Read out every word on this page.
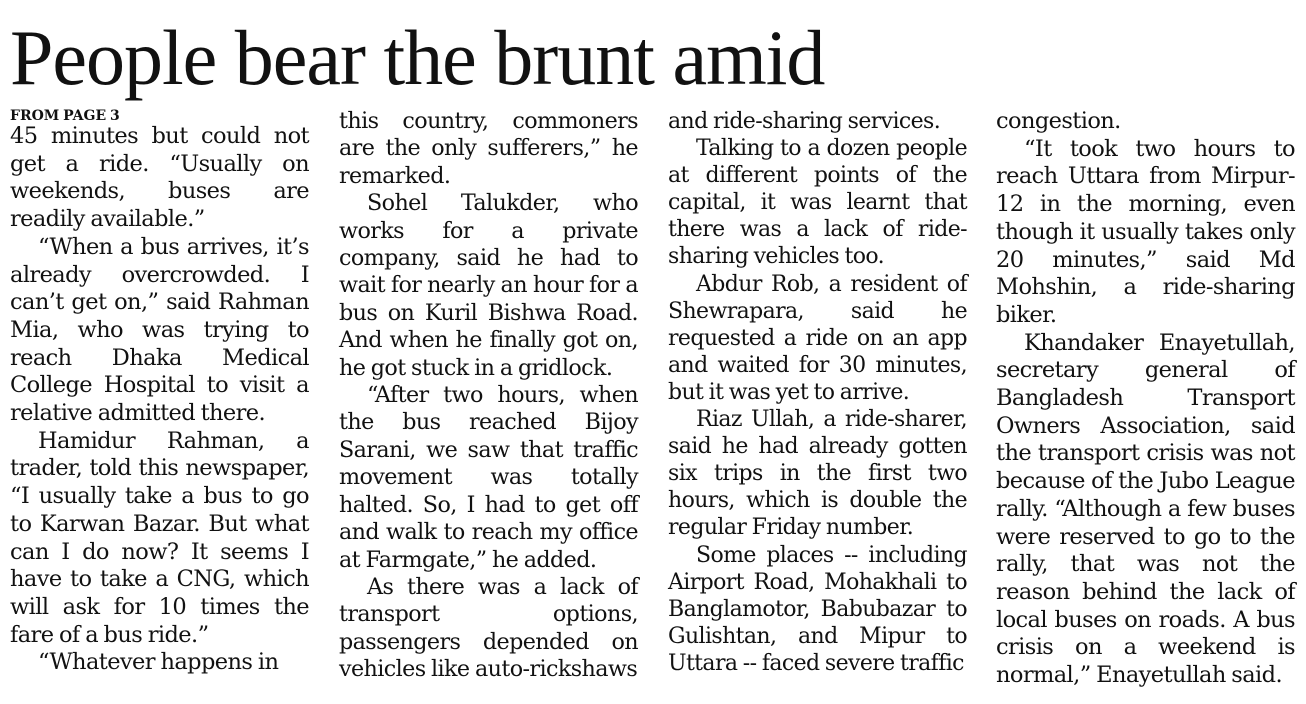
People bear the brunt amid
FROM PAGE 3

45 minutes but could not get a ride. “Usually on weekends, buses are readily available.”

“When a bus arrives, it’s already overcrowded. I can’t get on,” said Rahman Mia, who was trying to reach Dhaka Medical College Hospital to visit a relative admitted there.

Hamidur Rahman, a trader, told this newspaper, “I usually take a bus to go to Karwan Bazar. But what can I do now? It seems I have to take a CNG, which will ask for 10 times the fare of a bus ride.”

“Whatever happens in

this country, commoners are the only sufferers,” he remarked.

Sohel Talukder, who works for a private company, said he had to wait for nearly an hour for a bus on Kuril Bishwa Road. And when he finally got on, he got stuck in a gridlock.

“After two hours, when the bus reached Bijoy Sarani, we saw that traffic movement was totally halted. So, I had to get off and walk to reach my office at Farmgate,” he added.

As there was a lack of transport options, passengers depended on vehicles like auto-rickshaws

and ride-sharing services.

Talking to a dozen people at different points of the capital, it was learnt that there was a lack of ride-sharing vehicles too.

Abdur Rob, a resident of Shewrapara, said he requested a ride on an app and waited for 30 minutes, but it was yet to arrive.

Riaz Ullah, a ride-sharer, said he had already gotten six trips in the first two hours, which is double the regular Friday number.

Some places -- including Airport Road, Mohakhali to Banglamotor, Babubazar to Gulishtan, and Mipur to Uttara -- faced severe traffic

congestion.

“It took two hours to reach Uttara from Mirpur-12 in the morning, even though it usually takes only 20 minutes,” said Md Mohshin, a ride-sharing biker.

Khandaker Enayetullah, secretary general of Bangladesh Transport Owners Association, said the transport crisis was not because of the Jubo League rally. “Although a few buses were reserved to go to the rally, that was not the reason behind the lack of local buses on roads. A bus crisis on a weekend is normal,” Enayetullah said.
